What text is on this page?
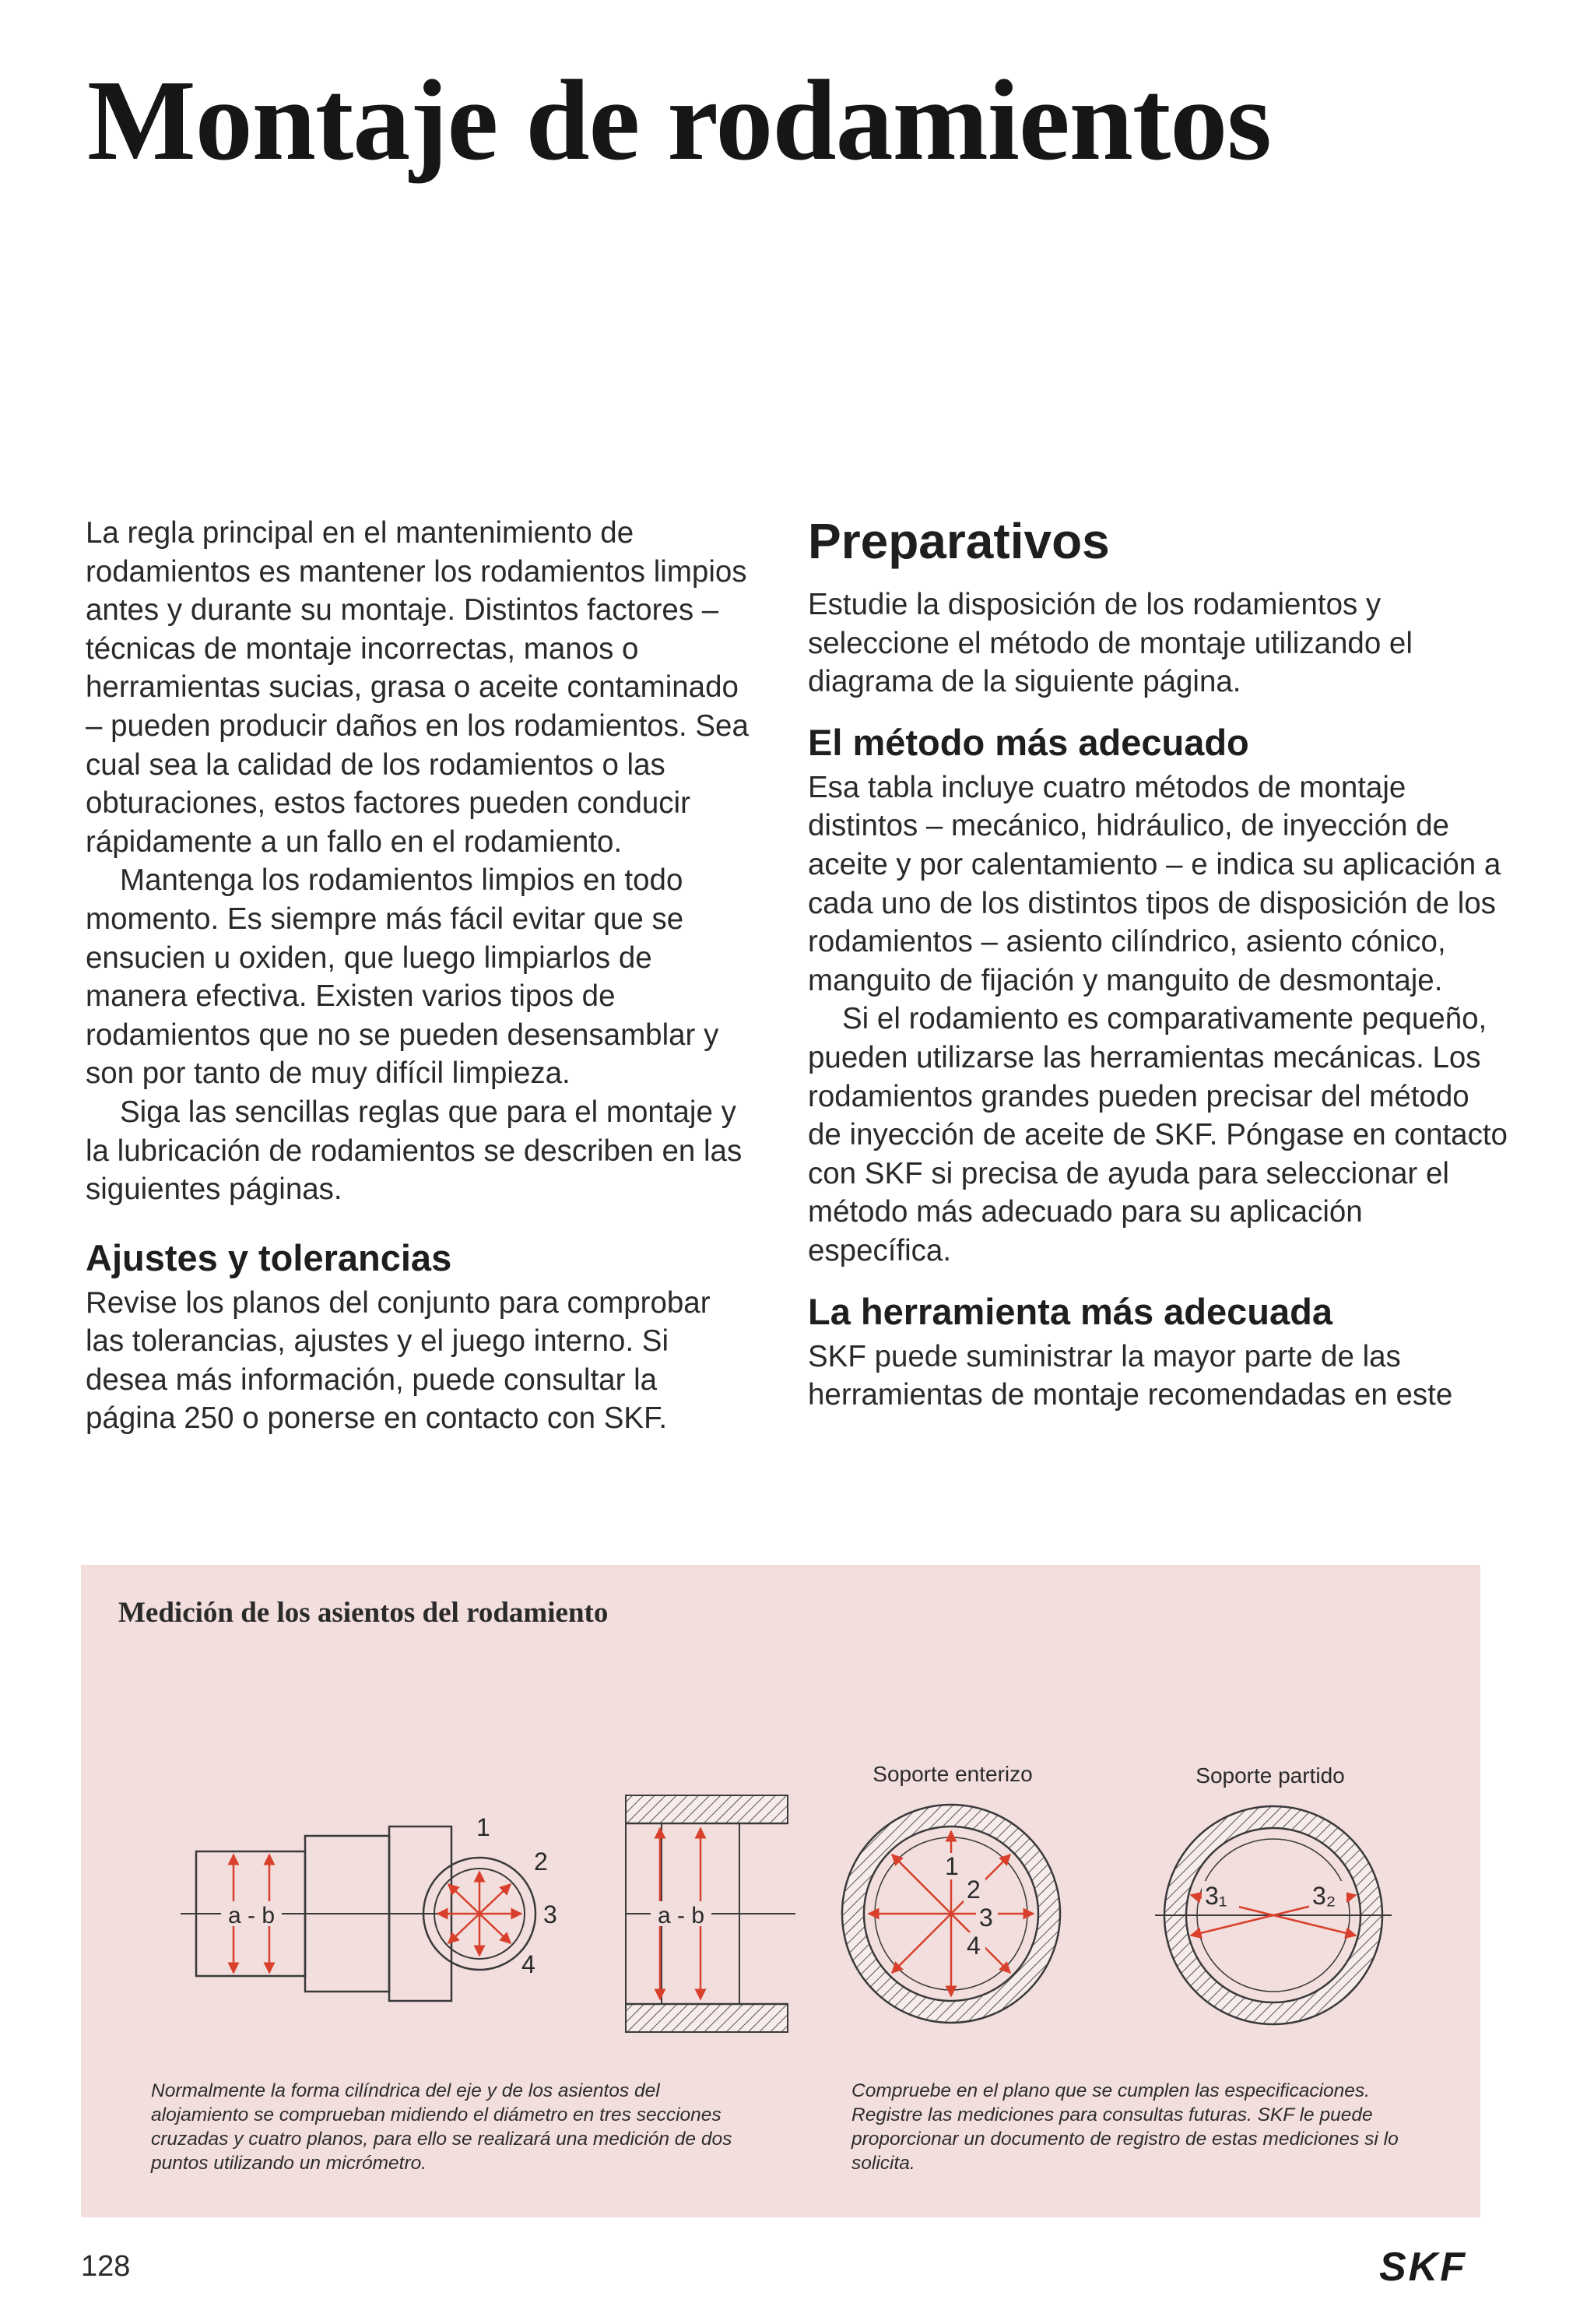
Montaje de rodamientos

La regla principal en el mantenimiento de rodamientos es mantener los rodamientos limpios antes y durante su montaje. Distintos factores – técnicas de montaje incorrectas, manos o herramientas sucias, grasa o aceite contaminado – pueden producir daños en los rodamientos. Sea cual sea la calidad de los rodamientos o las obturaciones, estos factores pueden conducir rápidamente a un fallo en el rodamiento.

Mantenga los rodamientos limpios en todo momento. Es siempre más fácil evitar que se ensucien u oxiden, que luego limpiarlos de manera efectiva. Existen varios tipos de rodamientos que no se pueden desensamblar y son por tanto de muy difícil limpieza.

Siga las sencillas reglas que para el montaje y la lubricación de rodamientos se describen en las siguientes páginas.

Ajustes y tolerancias

Revise los planos del conjunto para comprobar las tolerancias, ajustes y el juego interno. Si desea más información, puede consultar la página 250 o ponerse en contacto con SKF.

Preparativos

Estudie la disposición de los rodamientos y seleccione el método de montaje utilizando el diagrama de la siguiente página.

El método más adecuado

Esa tabla incluye cuatro métodos de montaje distintos – mecánico, hidráulico, de inyección de aceite y por calentamiento – e indica su aplicación a cada uno de los distintos tipos de disposición de los rodamientos – asiento cilíndrico, asiento cónico, manguito de fijación y manguito de desmontaje.

Si el rodamiento es comparativamente pequeño, pueden utilizarse las herramientas mecánicas. Los rodamientos grandes pueden precisar del método de inyección de aceite de SKF. Póngase en contacto con SKF si precisa de ayuda para seleccionar el método más adecuado para su aplicación específica.

La herramienta más adecuada

SKF puede suministrar la mayor parte de las herramientas de montaje recomendadas en este

a - b
1
2
3
4
a - b
Soporte enterizo
1
2
3
4
Soporte partido
3₁	3₂
Medición de los asientos del rodamiento
Normalmente la forma cilíndrica del eje y de los asientos del alojamiento se comprueban midiendo el diámetro en tres secciones cruzadas y cuatro planos, para ello se realizará una medición de dos puntos utilizando un micrómetro.
Compruebe en el plano que se cumplen las especificaciones. Registre las mediciones para consultas futuras. SKF le puede proporcionar un documento de registro de estas mediciones si lo solicita.
128	SKF
